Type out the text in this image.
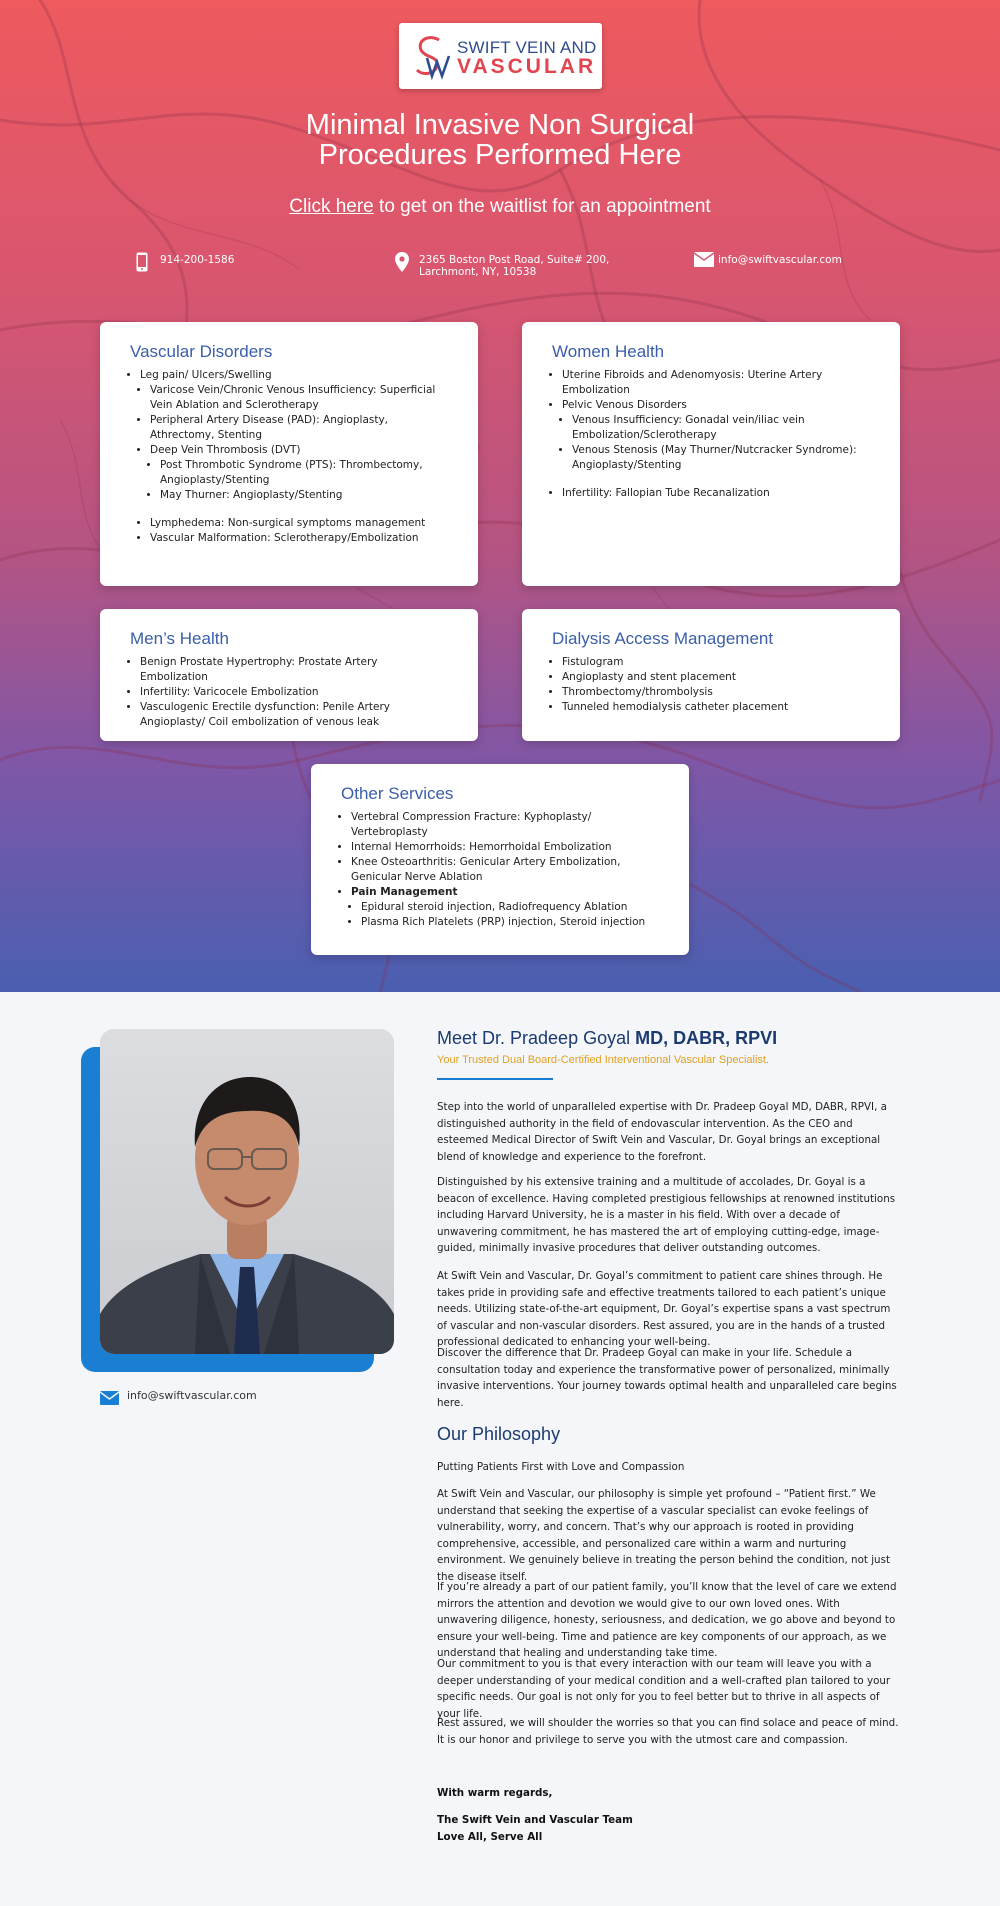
SWIFT VEIN AND
VASCULAR
Minimal Invasive Non Surgical
Procedures Performed Here
Click here to get on the waitlist for an appointment
914-200-1586	2365 Boston Post Road, Suite# 200,
Larchmont, NY, 10538
info@swiftvascular.com
Vascular Disorders
• Leg pain/ Ulcers/Swelling
• Varicose Vein/Chronic Venous Insufficiency: Superficial Vein Ablation and Sclerotherapy
• Peripheral Artery Disease (PAD): Angioplasty, Athrectomy, Stenting
• Deep Vein Thrombosis (DVT)
• Post Thrombotic Syndrome (PTS): Thrombectomy, Angioplasty/Stenting
• May Thurner: Angioplasty/Stenting
• Lymphedema: Non-surgical symptoms management
• Vascular Malformation: Sclerotherapy/Embolization
Women Health
• Uterine Fibroids and Adenomyosis: Uterine Artery Embolization
• Pelvic Venous Disorders
• Venous Insufficiency: Gonadal vein/iliac vein Embolization/Sclerotherapy
• Venous Stenosis (May Thurner/Nutcracker Syndrome): Angioplasty/Stenting
• Infertility: Fallopian Tube Recanalization
Men’s Health
• Benign Prostate Hypertrophy: Prostate Artery Embolization
• Infertility: Varicocele Embolization
• Vasculogenic Erectile dysfunction: Penile Artery Angioplasty/ Coil embolization of venous leak
Dialysis Access Management
• Fistulogram
• Angioplasty and stent placement
• Thrombectomy/thrombolysis
• Tunneled hemodialysis catheter placement
Other Services
• Vertebral Compression Fracture: Kyphoplasty/ Vertebroplasty
• Internal Hemorrhoids: Hemorrhoidal Embolization
• Knee Osteoarthritis: Genicular Artery Embolization, Genicular Nerve Ablation
• Pain Management
• Epidural steroid injection, Radiofrequency Ablation
• Plasma Rich Platelets (PRP) injection, Steroid injection
info@swiftvascular.com
Meet Dr. Pradeep Goyal MD, DABR, RPVI
Your Trusted Dual Board-Certified Interventional Vascular Specialist.

Step into the world of unparalleled expertise with Dr. Pradeep Goyal MD, DABR, RPVI, a distinguished authority in the field of endovascular intervention. As the CEO and esteemed Medical Director of Swift Vein and Vascular, Dr. Goyal brings an exceptional blend of knowledge and experience to the forefront.

Distinguished by his extensive training and a multitude of accolades, Dr. Goyal is a beacon of excellence. Having completed prestigious fellowships at renowned institutions including Harvard University, he is a master in his field. With over a decade of unwavering commitment, he has mastered the art of employing cutting-edge, image-guided, minimally invasive procedures that deliver outstanding outcomes.

At Swift Vein and Vascular, Dr. Goyal’s commitment to patient care shines through. He takes pride in providing safe and effective treatments tailored to each patient’s unique needs. Utilizing state-of-the-art equipment, Dr. Goyal’s expertise spans a vast spectrum of vascular and non-vascular disorders. Rest assured, you are in the hands of a trusted professional dedicated to enhancing your well-being.

Discover the difference that Dr. Pradeep Goyal can make in your life. Schedule a consultation today and experience the transformative power of personalized, minimally invasive interventions. Your journey towards optimal health and unparalleled care begins here.

Our Philosophy

Putting Patients First with Love and Compassion

At Swift Vein and Vascular, our philosophy is simple yet profound – “Patient first.” We understand that seeking the expertise of a vascular specialist can evoke feelings of vulnerability, worry, and concern. That’s why our approach is rooted in providing comprehensive, accessible, and personalized care within a warm and nurturing environment. We genuinely believe in treating the person behind the condition, not just the disease itself.

If you’re already a part of our patient family, you’ll know that the level of care we extend mirrors the attention and devotion we would give to our own loved ones. With unwavering diligence, honesty, seriousness, and dedication, we go above and beyond to ensure your well-being. Time and patience are key components of our approach, as we understand that healing and understanding take time.

Our commitment to you is that every interaction with our team will leave you with a deeper understanding of your medical condition and a well-crafted plan tailored to your specific needs. Our goal is not only for you to feel better but to thrive in all aspects of your life.

Rest assured, we will shoulder the worries so that you can find solace and peace of mind. It is our honor and privilege to serve you with the utmost care and compassion.

With warm regards,
The Swift Vein and Vascular Team
Love All, Serve All
